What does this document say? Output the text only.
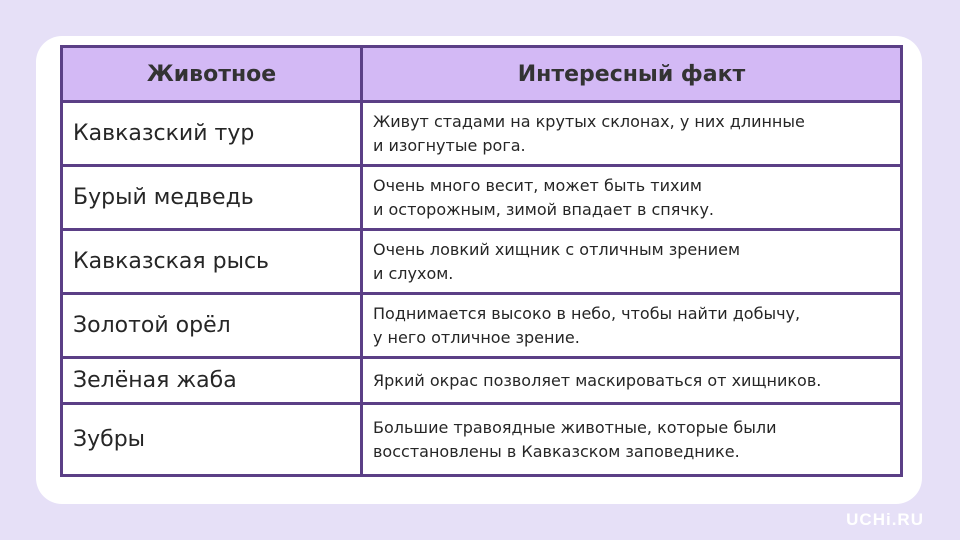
Животное	Интересный факт
Кавказский тур	Живут стадами на крутых склонах, у них длинные
и изогнутые рога.

Бурый медведь	Очень много весит, может быть тихим
и осторожным, зимой впадает в спячку.

Кавказская рысь	Очень ловкий хищник с отличным зрением
и слухом.

Золотой орёл	Поднимается высоко в небо, чтобы найти добычу,
у него отличное зрение.

Зелёная жаба	Яркий окрас позволяет маскироваться от хищников.

Зубры	Большие травоядные животные, которые были
восстановлены в Кавказском заповеднике.
UCHi.RU
